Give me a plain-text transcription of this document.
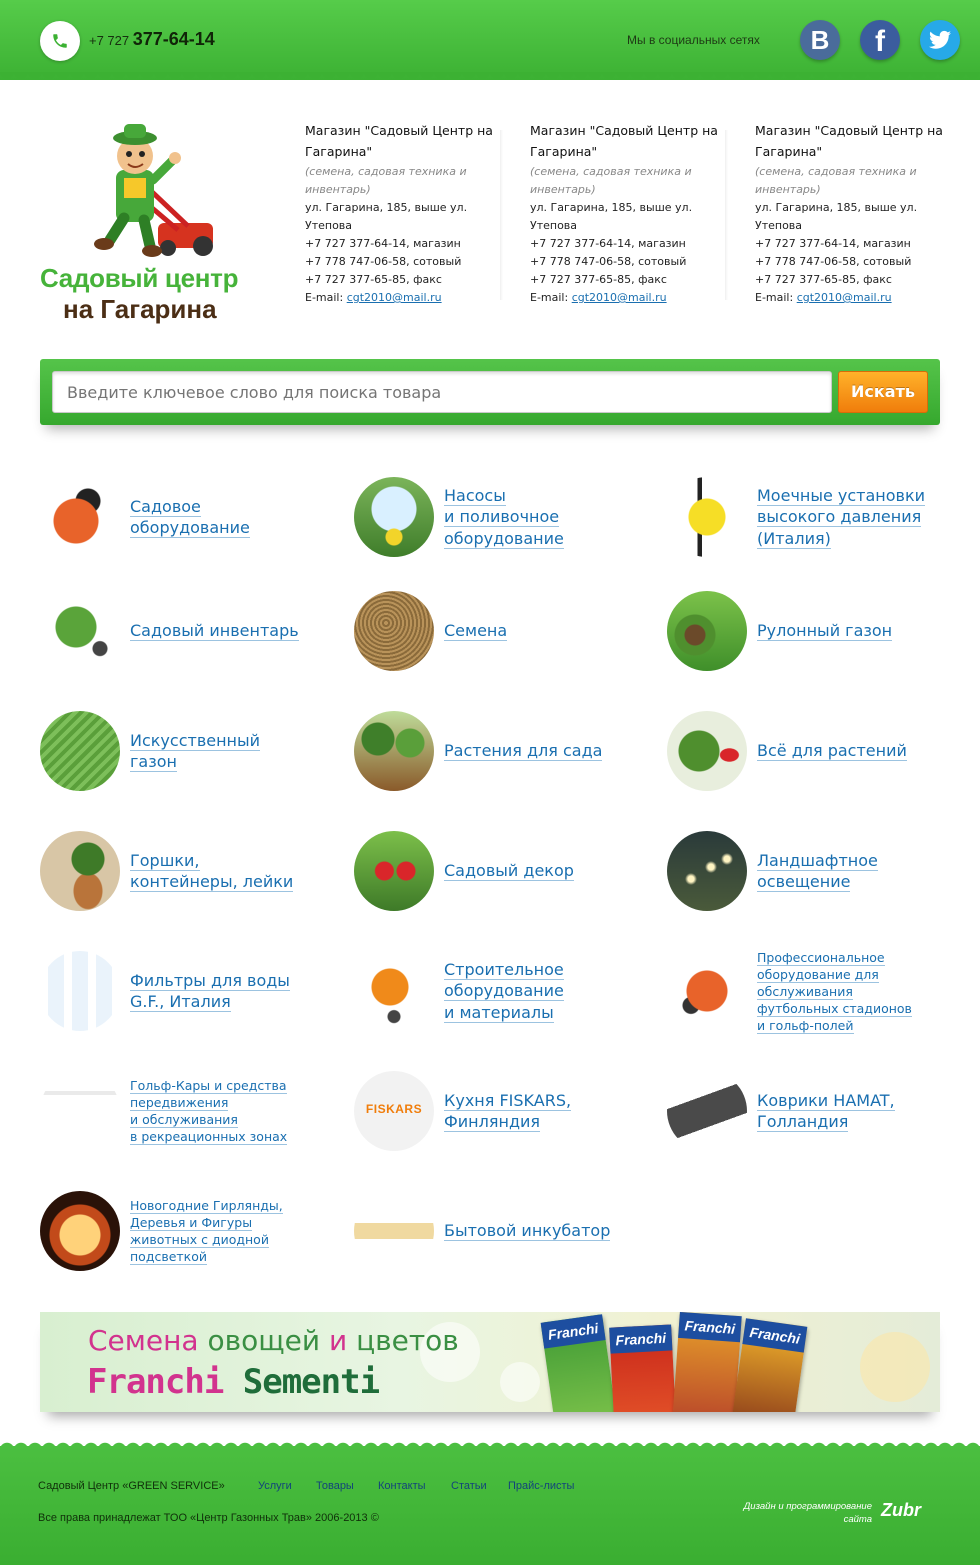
+7 727 377-64-14	Мы в социальных сетях	B	f
Садовый центр
на Гагарина
Магазин "Садовый Центр на Гагарина"
(семена, садовая техника и инвентарь)
ул. Гагарина, 185, выше ул. Утепова
+7 727 377-64-14, магазин
+7 778 747-06-58, сотовый
+7 727 377-65-85, факс
E-mail: cgt2010@mail.ru
Магазин "Садовый Центр на Гагарина"
(семена, садовая техника и инвентарь)
ул. Гагарина, 185, выше ул. Утепова
+7 727 377-64-14, магазин
+7 778 747-06-58, сотовый
+7 727 377-65-85, факс
E-mail: cgt2010@mail.ru
Магазин "Садовый Центр на Гагарина"
(семена, садовая техника и инвентарь)
ул. Гагарина, 185, выше ул. Утепова
+7 727 377-64-14, магазин
+7 778 747-06-58, сотовый
+7 727 377-65-85, факс
E-mail: cgt2010@mail.ru
Введите ключевое слово для поиска товара
Искать
Садовое
оборудование
Насосы
и поливочное
оборудование
Моечные установки
высокого давления
(Италия)
Садовый инвентарь	Семена	Рулонный газон
Искусственный
газон
Растения для сада	Всё для растений
Горшки,
контейнеры, лейки
Садовый декор
Ландшафтное
освещение
Фильтры для воды
G.F., Италия
Строительное
оборудование
и материалы
Профессиональное
оборудование для
обслуживания
футбольных стадионов
и гольф-полей
Гольф-Кары и средства
передвижения
и обслуживания
в рекреационных зонах
FISKARS	Кухня FISKARS,
Финляндия
Коврики HAMAT,
Голландия
Новогодние Гирлянды,
Деревья и Фигуры
животных с диодной
подсветкой
Бытовой инкубатор
Семена овощей и цветов
Franchi Sementi
Franchi	Franchi
Franchi Franchi
Садовый Центр «GREEN SERVICE»	Услуги Товары Контакты Статьи Прайс-листы
Все права принадлежат ТОО «Центр Газонных Трав» 2006-2013 ©
Дизайн и программирование
сайта Zubr
